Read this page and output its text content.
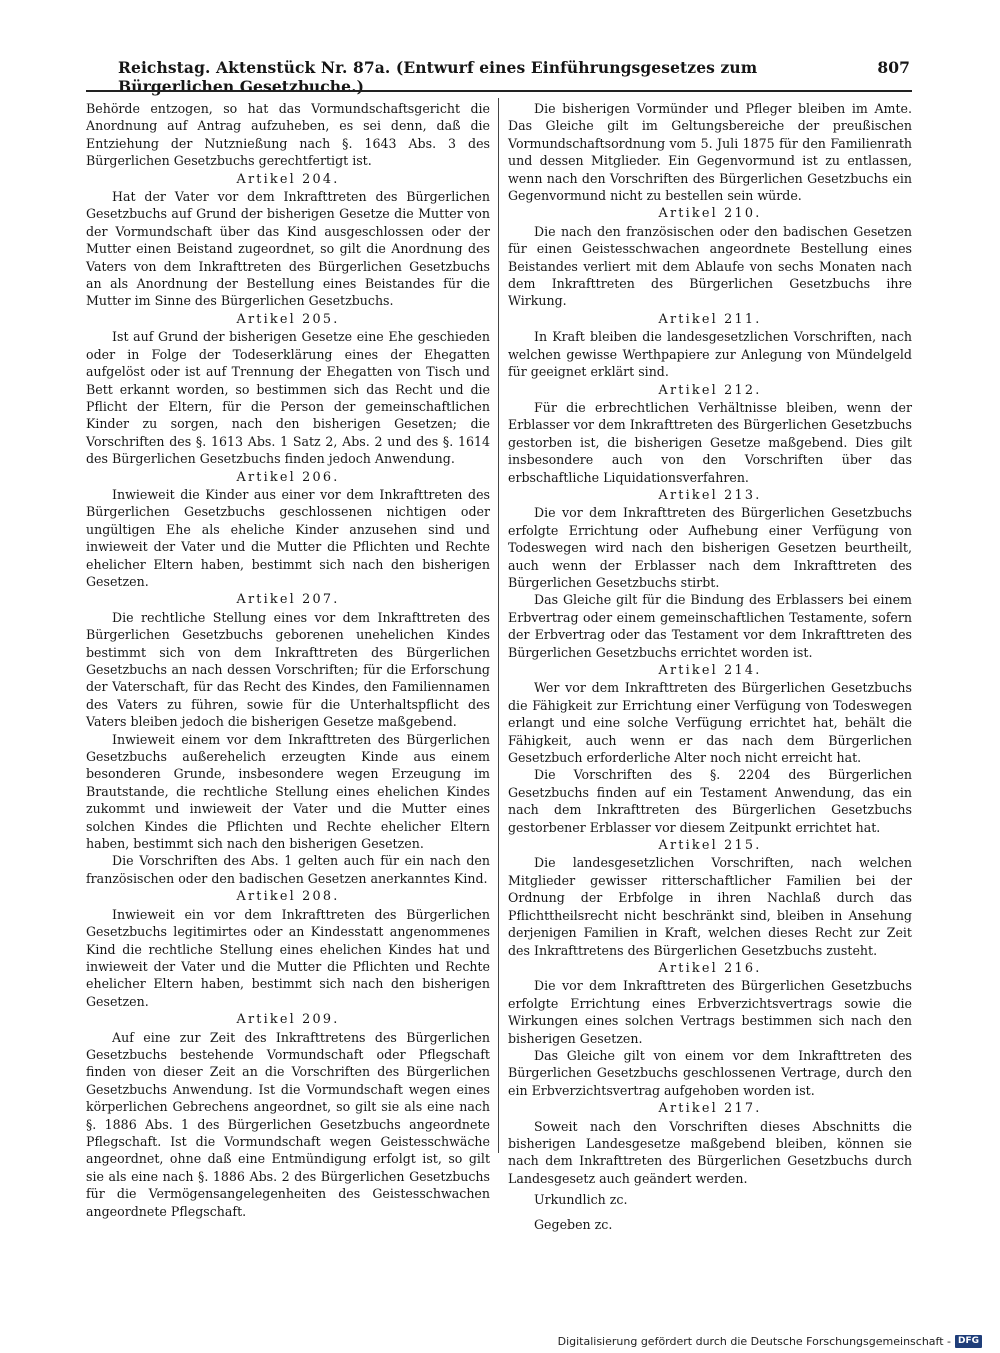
Reichstag. Aktenstück Nr. 87a. (Entwurf eines Einführungsgesetzes zum Bürgerlichen Gesetzbuche.)
807

Behörde entzogen, so hat das Vormundschaftsgericht die Anordnung auf Antrag aufzuheben, es sei denn, daß die Entziehung der Nutznießung nach §. 1643 Abs. 3 des Bürgerlichen Gesetzbuchs gerechtfertigt ist.

Artikel 204.

Hat der Vater vor dem Inkrafttreten des Bürgerlichen Gesetzbuchs auf Grund der bisherigen Gesetze die Mutter von der Vormundschaft über das Kind ausgeschlossen oder der Mutter einen Beistand zugeordnet, so gilt die Anordnung des Vaters von dem Inkrafttreten des Bürgerlichen Gesetzbuchs an als Anordnung der Bestellung eines Beistandes für die Mutter im Sinne des Bürgerlichen Gesetzbuchs.

Artikel 205.

Ist auf Grund der bisherigen Gesetze eine Ehe geschieden oder in Folge der Todeserklärung eines der Ehegatten aufgelöst oder ist auf Trennung der Ehegatten von Tisch und Bett erkannt worden, so bestimmen sich das Recht und die Pflicht der Eltern, für die Person der gemeinschaftlichen Kinder zu sorgen, nach den bisherigen Gesetzen; die Vorschriften des §. 1613 Abs. 1 Satz 2, Abs. 2 und des §. 1614 des Bürgerlichen Gesetzbuchs finden jedoch Anwendung.

Artikel 206.

Inwieweit die Kinder aus einer vor dem Inkrafttreten des Bürgerlichen Gesetzbuchs geschlossenen nichtigen oder ungültigen Ehe als eheliche Kinder anzusehen sind und inwieweit der Vater und die Mutter die Pflichten und Rechte ehelicher Eltern haben, bestimmt sich nach den bisherigen Gesetzen.

Artikel 207.

Die rechtliche Stellung eines vor dem Inkrafttreten des Bürgerlichen Gesetzbuchs geborenen unehelichen Kindes bestimmt sich von dem Inkrafttreten des Bürgerlichen Gesetzbuchs an nach dessen Vorschriften; für die Erforschung der Vaterschaft, für das Recht des Kindes, den Familiennamen des Vaters zu führen, sowie für die Unterhaltspflicht des Vaters bleiben jedoch die bisherigen Gesetze maßgebend.

Inwieweit einem vor dem Inkrafttreten des Bürgerlichen Gesetzbuchs außerehelich erzeugten Kinde aus einem besonderen Grunde, insbesondere wegen Erzeugung im Brautstande, die rechtliche Stellung eines ehelichen Kindes zukommt und inwieweit der Vater und die Mutter eines solchen Kindes die Pflichten und Rechte ehelicher Eltern haben, bestimmt sich nach den bisherigen Gesetzen.

Die Vorschriften des Abs. 1 gelten auch für ein nach den französischen oder den badischen Gesetzen anerkanntes Kind.

Artikel 208.

Inwieweit ein vor dem Inkrafttreten des Bürgerlichen Gesetzbuchs legitimirtes oder an Kindesstatt angenommenes Kind die rechtliche Stellung eines ehelichen Kindes hat und inwieweit der Vater und die Mutter die Pflichten und Rechte ehelicher Eltern haben, bestimmt sich nach den bisherigen Gesetzen.

Artikel 209.

Auf eine zur Zeit des Inkrafttretens des Bürgerlichen Gesetzbuchs bestehende Vormundschaft oder Pflegschaft finden von dieser Zeit an die Vorschriften des Bürgerlichen Gesetzbuchs Anwendung. Ist die Vormundschaft wegen eines körperlichen Gebrechens angeordnet, so gilt sie als eine nach §. 1886 Abs. 1 des Bürgerlichen Gesetzbuchs angeordnete Pflegschaft. Ist die Vormundschaft wegen Geistesschwäche angeordnet, ohne daß eine Entmündigung erfolgt ist, so gilt sie als eine nach §. 1886 Abs. 2 des Bürgerlichen Gesetzbuchs für die Vermögensangelegenheiten des Geistesschwachen angeordnete Pflegschaft.

Die bisherigen Vormünder und Pfleger bleiben im Amte. Das Gleiche gilt im Geltungsbereiche der preußischen Vormundschaftsordnung vom 5. Juli 1875 für den Familienrath und dessen Mitglieder. Ein Gegenvormund ist zu entlassen, wenn nach den Vorschriften des Bürgerlichen Gesetzbuchs ein Gegenvormund nicht zu bestellen sein würde.

Artikel 210.

Die nach den französischen oder den badischen Gesetzen für einen Geistesschwachen angeordnete Bestellung eines Beistandes verliert mit dem Ablaufe von sechs Monaten nach dem Inkrafttreten des Bürgerlichen Gesetzbuchs ihre Wirkung.

Artikel 211.

In Kraft bleiben die landesgesetzlichen Vorschriften, nach welchen gewisse Werthpapiere zur Anlegung von Mündelgeld für geeignet erklärt sind.

Artikel 212.

Für die erbrechtlichen Verhältnisse bleiben, wenn der Erblasser vor dem Inkrafttreten des Bürgerlichen Gesetzbuchs gestorben ist, die bisherigen Gesetze maßgebend. Dies gilt insbesondere auch von den Vorschriften über das erbschaftliche Liquidationsverfahren.

Artikel 213.

Die vor dem Inkrafttreten des Bürgerlichen Gesetzbuchs erfolgte Errichtung oder Aufhebung einer Verfügung von Todeswegen wird nach den bisherigen Gesetzen beurtheilt, auch wenn der Erblasser nach dem Inkrafttreten des Bürgerlichen Gesetzbuchs stirbt.

Das Gleiche gilt für die Bindung des Erblassers bei einem Erbvertrag oder einem gemeinschaftlichen Testamente, sofern der Erbvertrag oder das Testament vor dem Inkrafttreten des Bürgerlichen Gesetzbuchs errichtet worden ist.

Artikel 214.

Wer vor dem Inkrafttreten des Bürgerlichen Gesetzbuchs die Fähigkeit zur Errichtung einer Verfügung von Todeswegen erlangt und eine solche Verfügung errichtet hat, behält die Fähigkeit, auch wenn er das nach dem Bürgerlichen Gesetzbuch erforderliche Alter noch nicht erreicht hat.

Die Vorschriften des §. 2204 des Bürgerlichen Gesetzbuchs finden auf ein Testament Anwendung, das ein nach dem Inkrafttreten des Bürgerlichen Gesetzbuchs gestorbener Erblasser vor diesem Zeitpunkt errichtet hat.

Artikel 215.

Die landesgesetzlichen Vorschriften, nach welchen Mitglieder gewisser ritterschaftlicher Familien bei der Ordnung der Erbfolge in ihren Nachlaß durch das Pflichttheilsrecht nicht beschränkt sind, bleiben in Ansehung derjenigen Familien in Kraft, welchen dieses Recht zur Zeit des Inkrafttretens des Bürgerlichen Gesetzbuchs zusteht.

Artikel 216.

Die vor dem Inkrafttreten des Bürgerlichen Gesetzbuchs erfolgte Errichtung eines Erbverzichtsvertrags sowie die Wirkungen eines solchen Vertrags bestimmen sich nach den bisherigen Gesetzen.

Das Gleiche gilt von einem vor dem Inkrafttreten des Bürgerlichen Gesetzbuchs geschlossenen Vertrage, durch den ein Erbverzichtsvertrag aufgehoben worden ist.

Artikel 217.

Soweit nach den Vorschriften dieses Abschnitts die bisherigen Landesgesetze maßgebend bleiben, können sie nach dem Inkrafttreten des Bürgerlichen Gesetzbuchs durch Landesgesetz auch geändert werden.

Urkundlich zc.
Gegeben zc.
Digitalisierung gefördert durch die Deutsche Forschungsgemeinschaft - DFG
